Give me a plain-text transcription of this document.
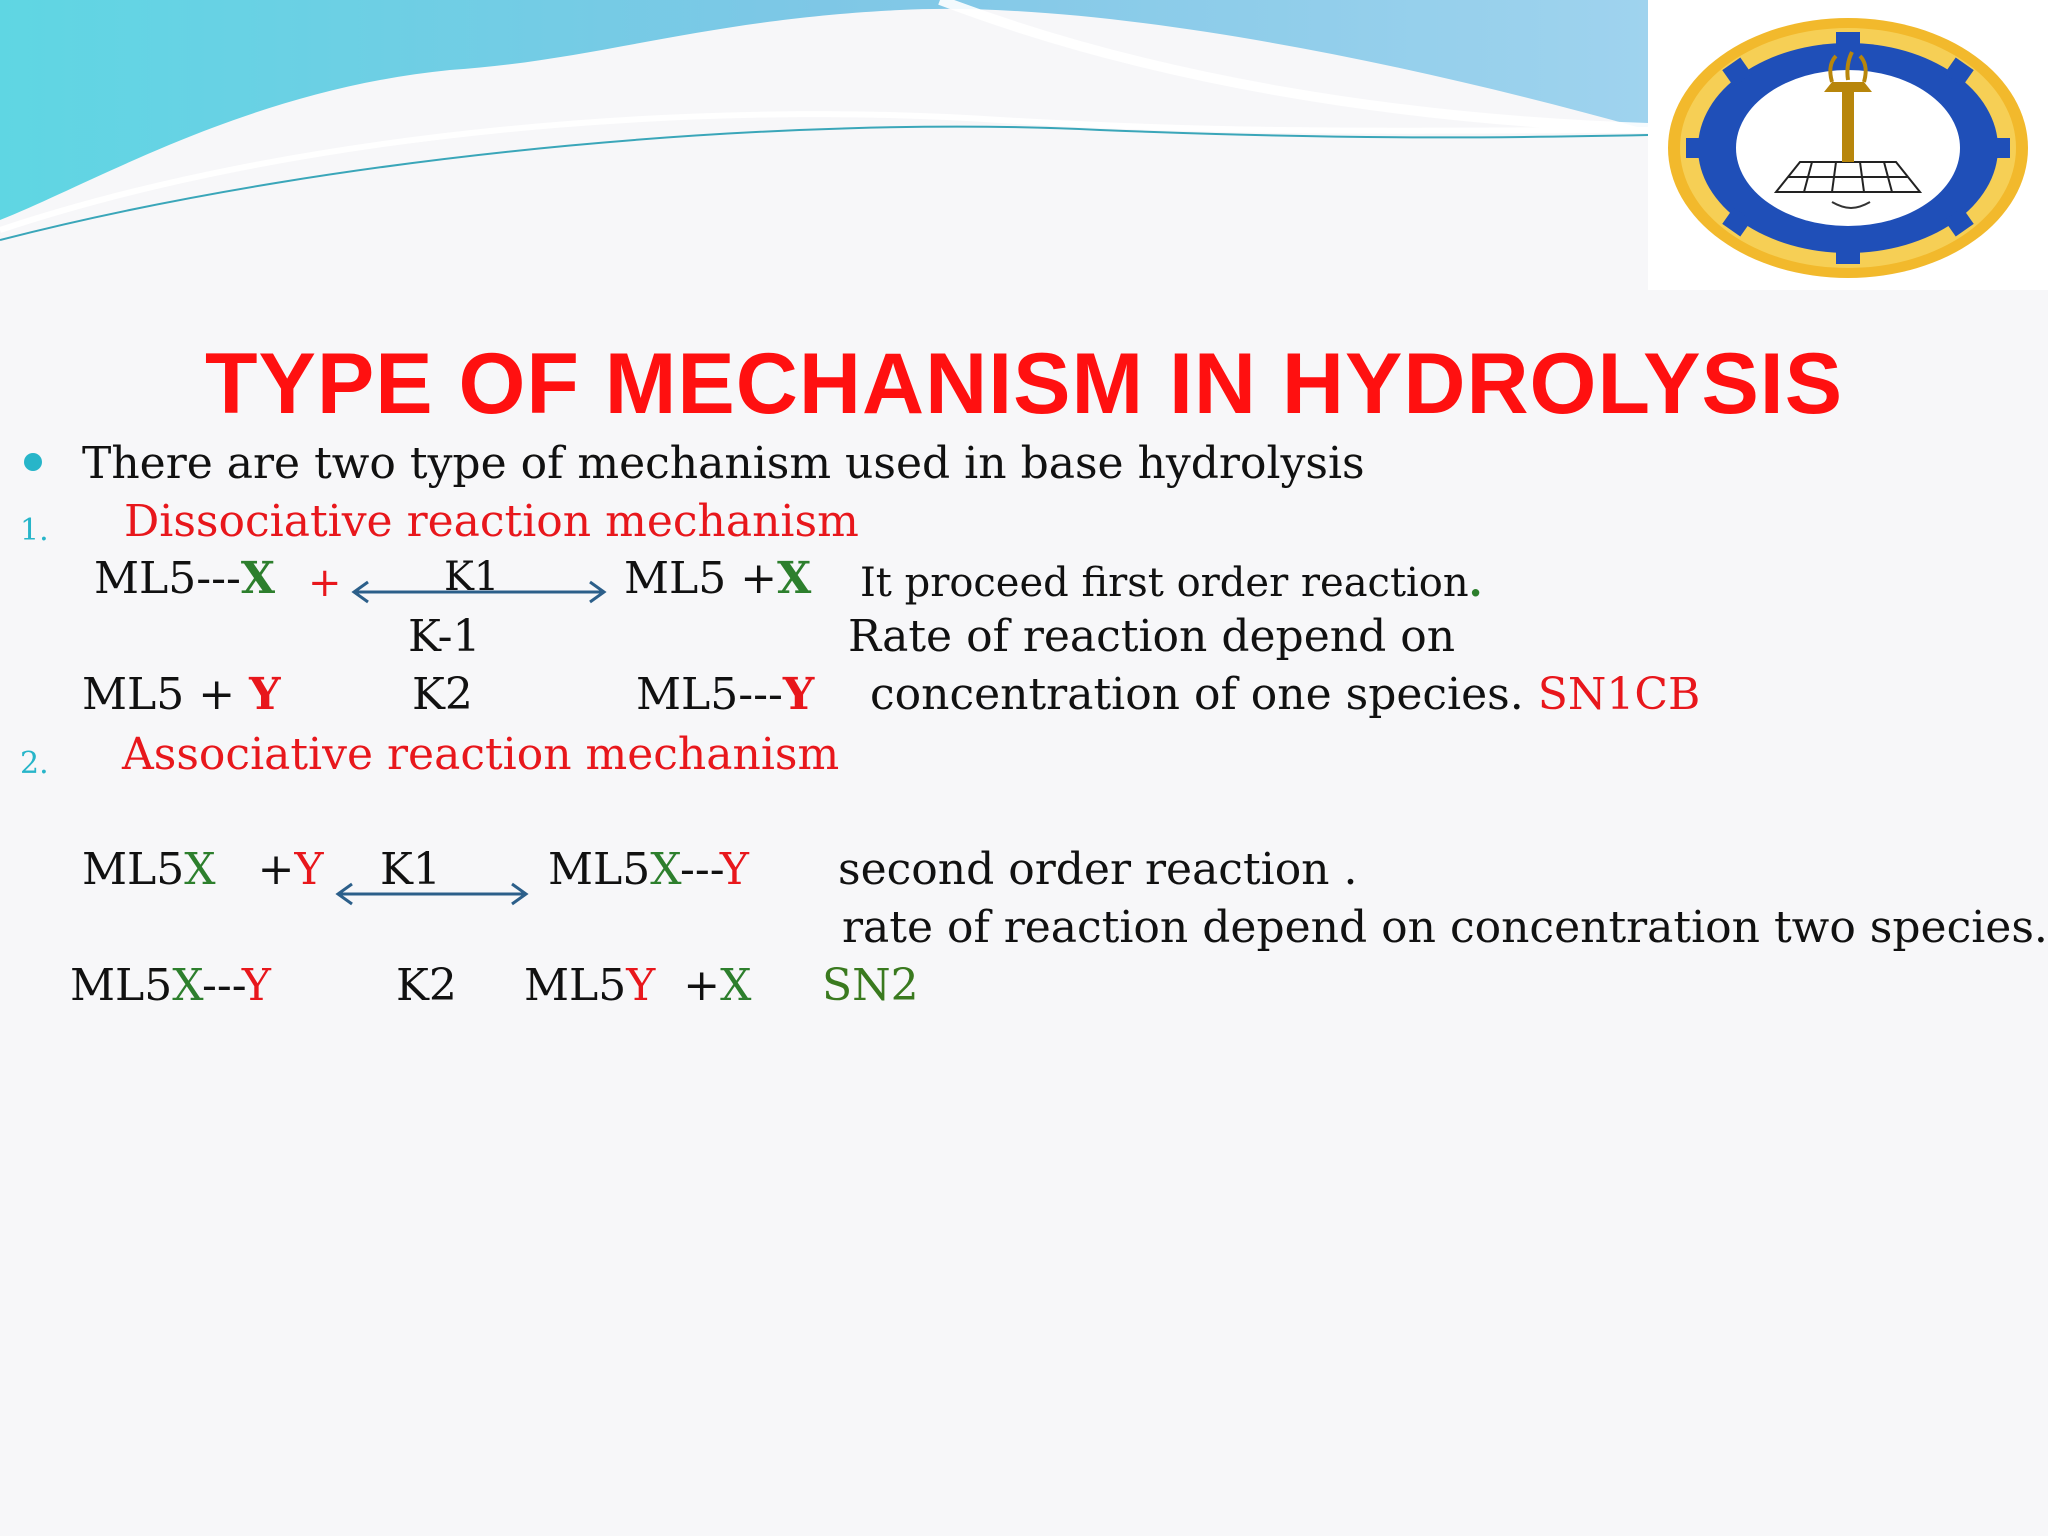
TYPE OF MECHANISM IN HYDROLYSIS
There are two type of mechanism used in base hydrolysis
1. Dissociative reaction mechanism
ML5---X +	K1	ML5 +X It proceed first order reaction.
K-1	Rate of reaction depend on
ML5 + Y	K2	ML5---Y concentration of one species. SN1CB
2. Associative reaction mechanism
ML5X +Y K1 ML5X---Y second order reaction .
rate of reaction depend on concentration two species.
ML5X---Y	K2 ML5Y +X SN2
